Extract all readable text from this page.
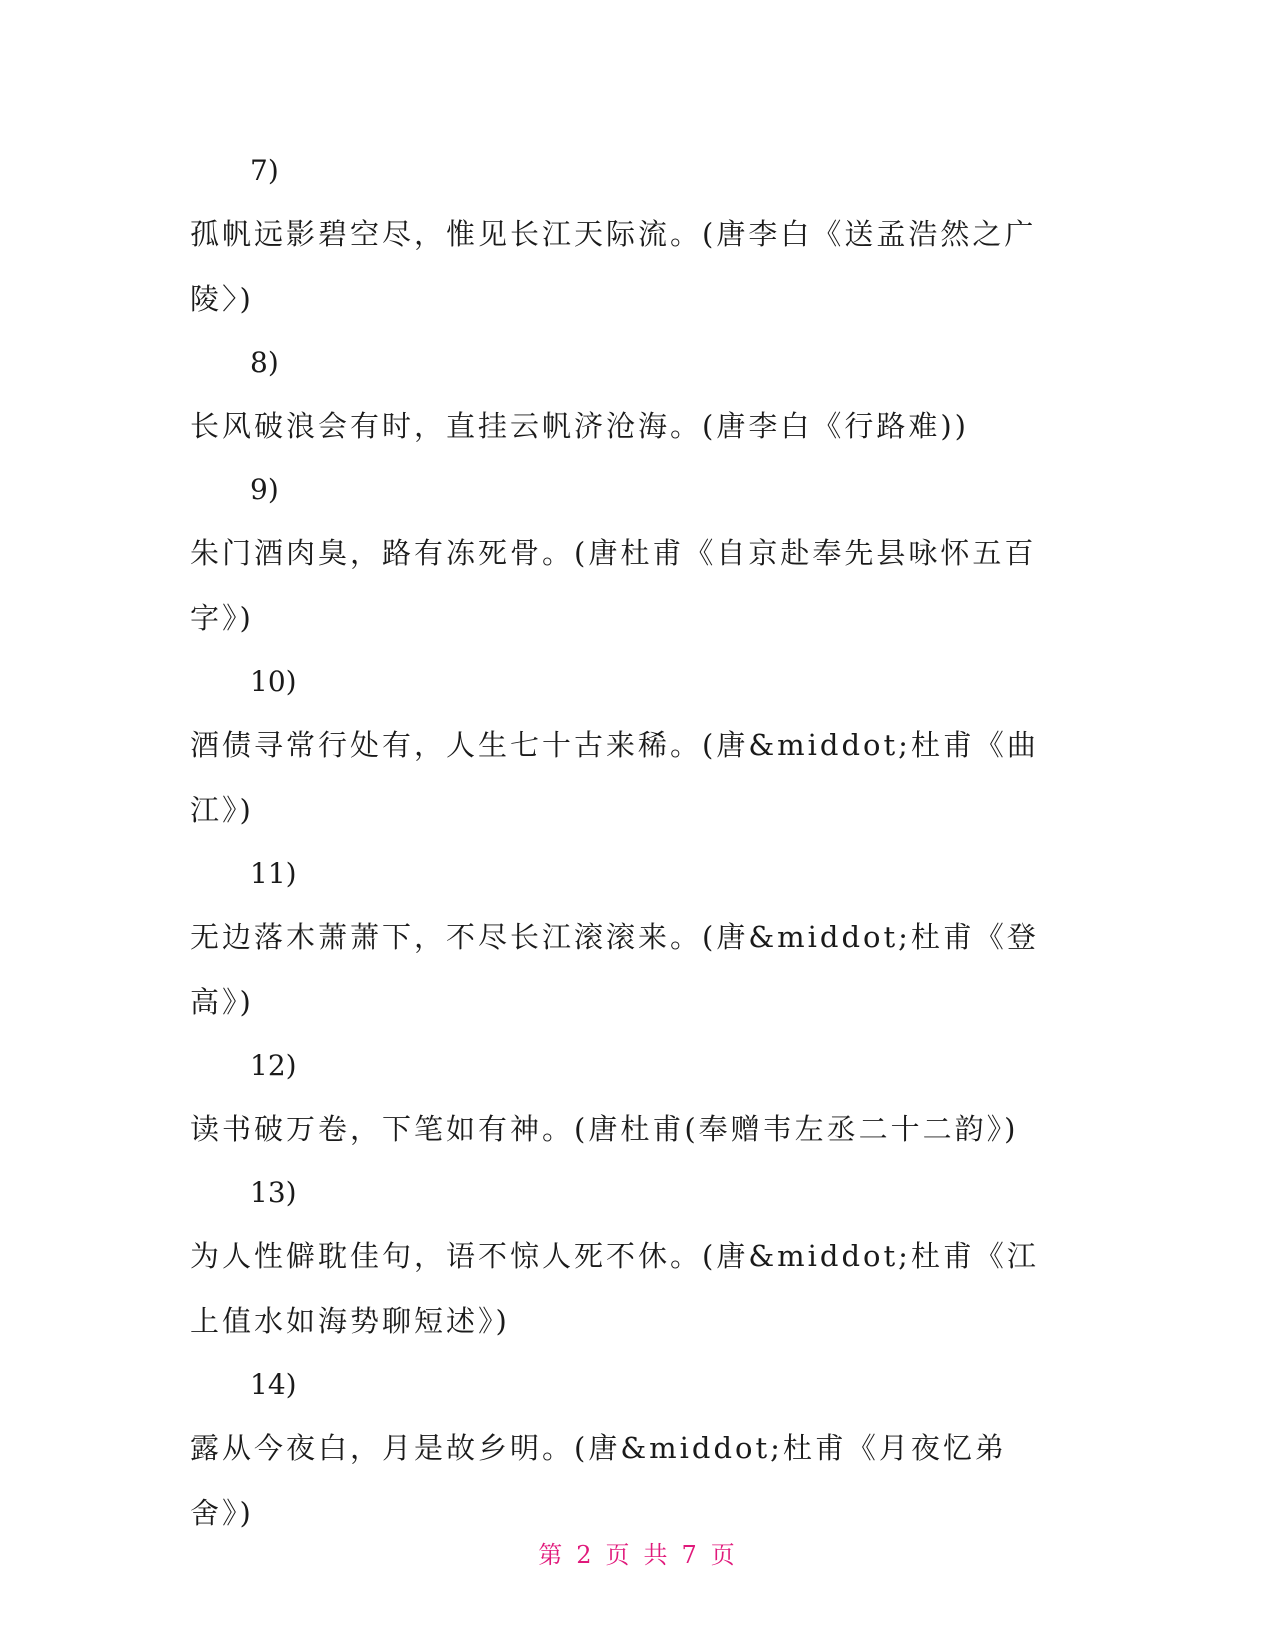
7)
孤帆远影碧空尽，惟见长江天际流。(唐李白《送孟浩然之广陵〉)
8)
长风破浪会有时，直挂云帆济沧海。(唐李白《行路难))
9)
朱门酒肉臭，路有冻死骨。(唐杜甫《自京赴奉先县咏怀五百字》)
10)
酒债寻常行处有，人生七十古来稀。(唐&middot;杜甫《曲江》)
11)
无边落木萧萧下，不尽长江滚滚来。(唐&middot;杜甫《登高》)
12)
读书破万卷，下笔如有神。(唐杜甫(奉赠韦左丞二十二韵》)
13)
为人性僻耽佳句，语不惊人死不休。(唐&middot;杜甫《江上值水如海势聊短述》)
14)
露从今夜白，月是故乡明。(唐&middot;杜甫《月夜忆弟舍》)
第 2 页 共 7 页
